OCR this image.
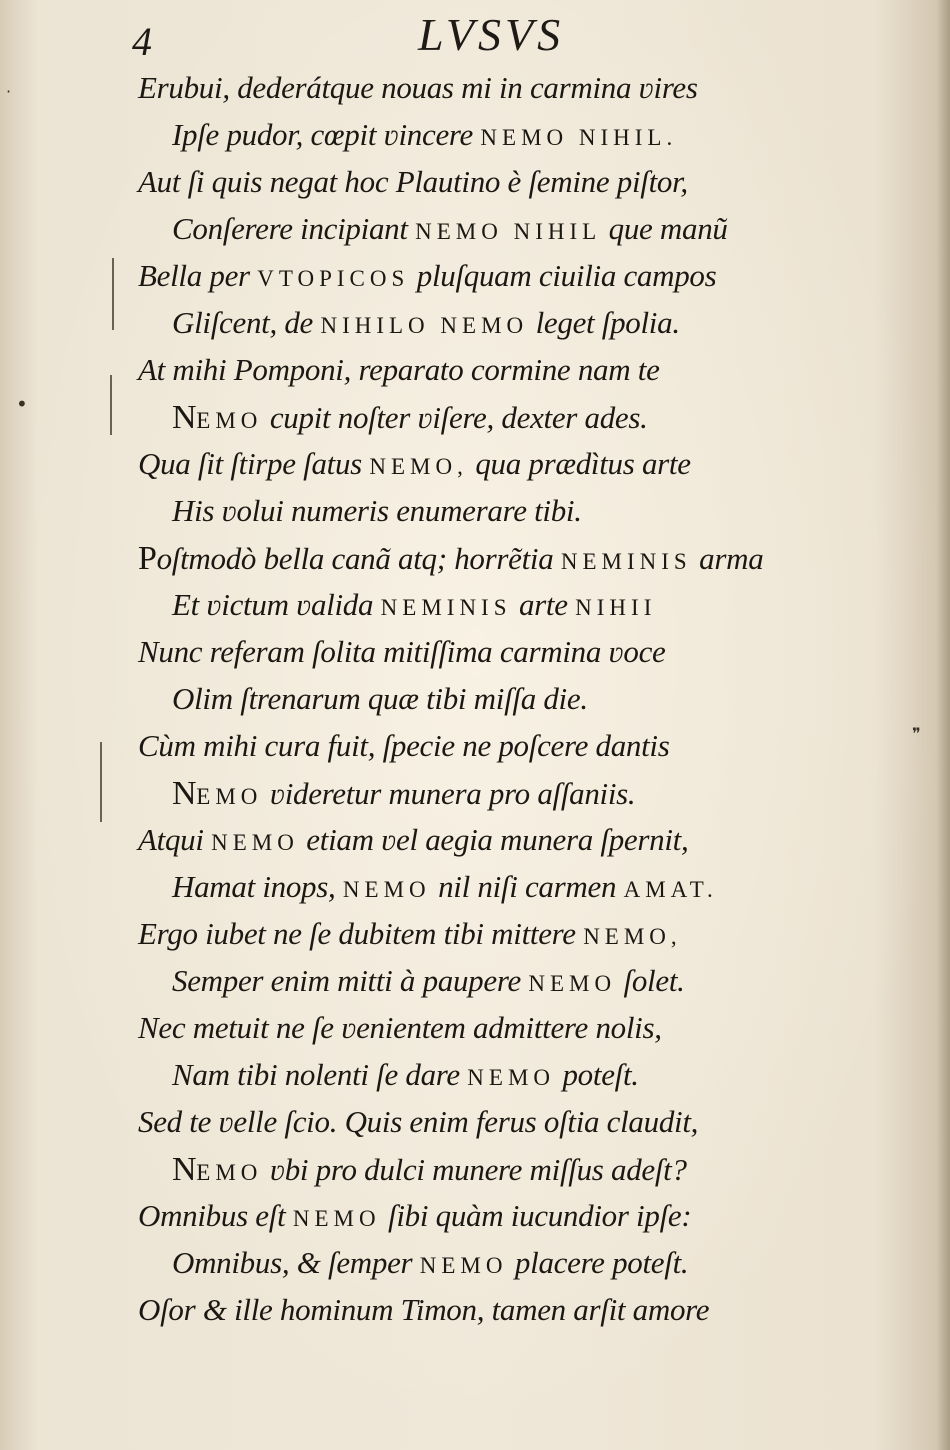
4	LVSVS
Erubui, dederátque nouas mi in carmina ʋires
Ipſe pudor, cœpit ʋincere NEMO NIHIL.
Aut ſi quis negat hoc Plautino è ſemine piſtor,
Conſerere incipiant NEMO NIHIL que manũ
Bella per VTOPICOS pluſquam ciuilia campos
Gliſcent, de NIHILO NEMO leget ſpolia.
At mihi Pomponi, reparato cormine nam te
NEMO cupit noſter ʋiſere, dexter ades.
Qua ſit ſtirpe ſatus NEMO, qua prædìtus arte
His ʋolui numeris enumerare tibi.
Poſtmodò bella canã atq; horrẽtia NEMINIS arma
Et ʋictum ʋalida NEMINIS arte NIHII
Nunc referam ſolita mitiſſima carmina ʋoce
Olim ſtrenarum quæ tibi miſſa die.
Cùm mihi cura fuit, ſpecie ne poſcere dantis
NEMO ʋideretur munera pro aſſaniis.
Atqui NEMO etiam ʋel aegia munera ſpernit,
Hamat inops, NEMO nil niſi carmen AMAT.
Ergo iubet ne ſe dubitem tibi mittere NEMO,
Semper enim mitti à paupere NEMO ſolet.
Nec metuit ne ſe ʋenientem admittere nolis,
Nam tibi nolenti ſe dare NEMO poteſt.
Sed te ʋelle ſcio. Quis enim ferus oſtia claudit,
NEMO ʋbi pro dulci munere miſſus adeſt?
Omnibus eſt NEMO ſibi quàm iucundior ipſe:
Omnibus, & ſemper NEMO placere poteſt.
Oſor & ille hominum Timon, tamen arſit amore
·
•
❞
